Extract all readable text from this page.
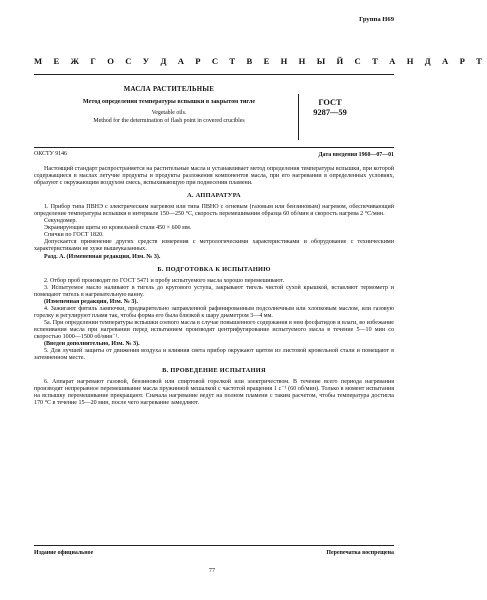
Группа Н69
М Е Ж Г О С У Д А Р С Т В Е Н Н Ы Й С Т А Н Д А Р Т
МАСЛА РАСТИТЕЛЬНЫЕ
Метод определения температуры вспышки в закрытом тигле
Vegetable oils.
Method for the determination of flash point in covered crucibles
ГОСТ
9287—59
ОКСТУ 9146	Дата введения 1960—07—01

Настоящий стандарт распространяется на растительные масла и устанавливает метод определения температуры вспышки, при которой содержащиеся в маслах летучие продукты и продукты разложения компонентов масла, при его нагревании в определенных условиях, образуют с окружающим воздухом смесь, вспыхивающую при поднесении пламени.

А. АППАРАТУРА

1. Прибор типа ПВНЭ с электрическим нагревом или типа ПВНО с огневым (газовым или бензиновым) нагревом, обеспечивающий определение температуры вспышки в интервале 150—250 °С, скорость перемешивания образца 60 об/мин и скорость нагрева 2 °С/мин.

Секундомер.

Экранирующие щиты из кровельной стали 450 × 600 мм.

Спички по ГОСТ 1820.

Допускается применение других средств измерения с метрологическими характеристиками и оборудование с техническими характеристиками не хуже вышеуказанных.

Разд. А. (Измененная редакция, Изм. № 3).

Б. ПОДГОТОВКА К ИСПЫТАНИЮ

2. Отбор проб производят по ГОСТ 5471 и пробу испытуемого масла хорошо перемешивают.

3. Испытуемое масло наливают в тигель до кругового уступа, закрывают тигель чистой сухой крышкой, вставляют термометр и помещают тигель в нагревательную ванну.

(Измененная редакция, Изм. № 3).

4. Зажигают фитиль лампочки, предварительно заправленной рафинированным подсолнечным или хлопковым маслом, или газовую горелку и регулируют пламя так, чтобы форма его была близкой к шару диаметром 3—4 мм.

5а. При определении температуры вспышки соевого масла в случае повышенного содержания в нем фосфатидов и влаги, во избежание вспенивания масла при нагревании перед испытанием производят центрифугирование испытуемого масла в течение 5—10 мин со скоростью 1000—1500 об/мин⁻¹.

(Введен дополнительно, Изм. № 3).

5. Для лучшей защиты от движения воздуха и влияния света прибор окружают щитом из листовой кровельной стали и помещают в затемненном месте.

В. ПРОВЕДЕНИЕ ИСПЫТАНИЯ

6. Аппарат нагревают газовой, бензиновой или спиртовой горелкой или электричеством. В течение всего периода нагревания производят непрерывное перемешивание масла пружинной мешалкой с частотой вращения 1 с⁻¹ (60 об/мин). Только в момент испытания на вспышку перемешивание прекращают. Сначала нагревание ведут на полном пламени с таким расчетом, чтобы температура достигла 170 °С в течение 15—20 мин, после чего нагревание замедляют.

Издание официальное	Перепечатка воспрещена
77
